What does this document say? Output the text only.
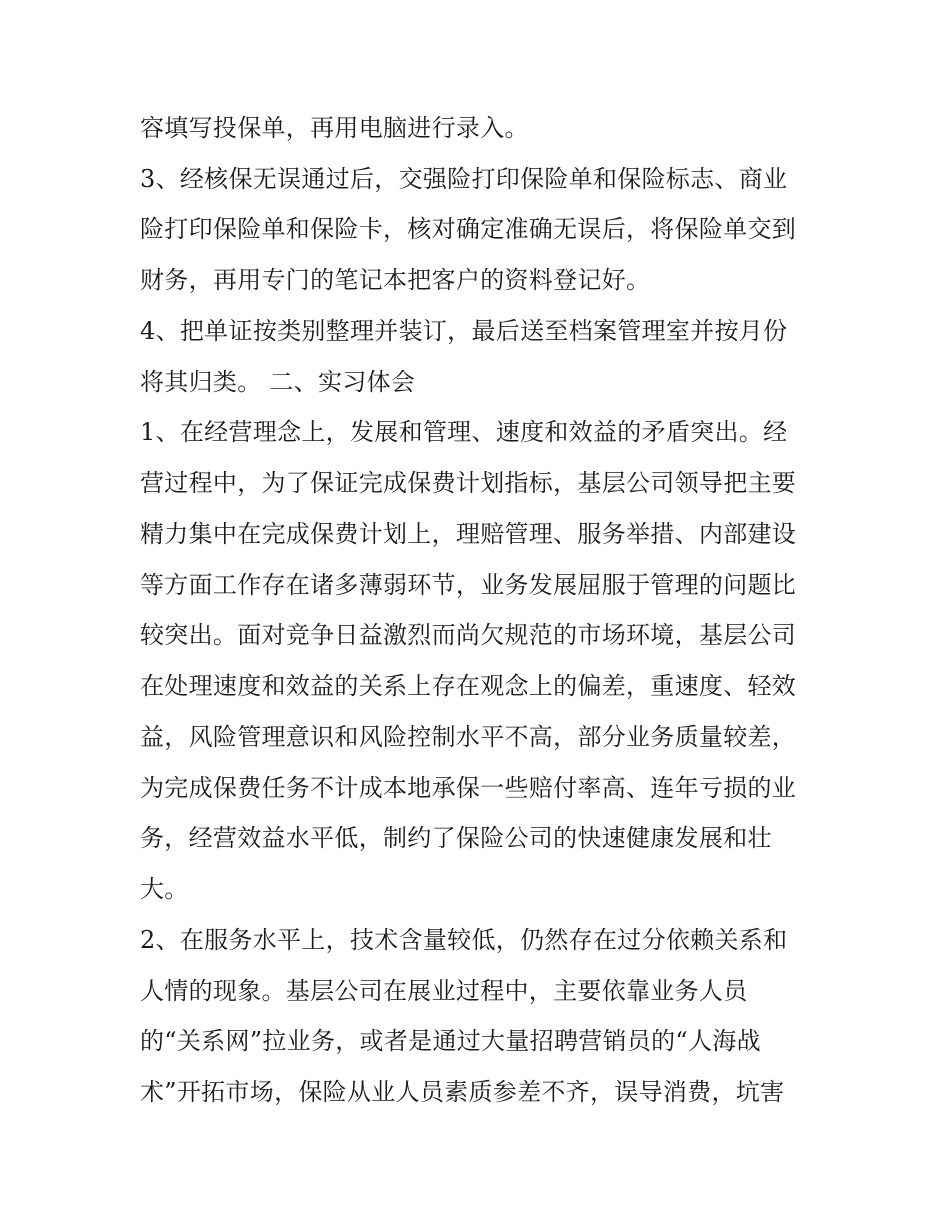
容填写投保单，再用电脑进行录入。
3、经核保无误通过后，交强险打印保险单和保险标志、商业
险打印保险单和保险卡，核对确定准确无误后，将保险单交到
财务，再用专门的笔记本把客户的资料登记好。
4、把单证按类别整理并装订，最后送至档案管理室并按月份
将其归类。 二、实习体会
1、在经营理念上，发展和管理、速度和效益的矛盾突出。经
营过程中，为了保证完成保费计划指标，基层公司领导把主要
精力集中在完成保费计划上，理赔管理、服务举措、内部建设
等方面工作存在诸多薄弱环节，业务发展屈服于管理的问题比
较突出。面对竞争日益激烈而尚欠规范的市场环境，基层公司
在处理速度和效益的关系上存在观念上的偏差，重速度、轻效
益，风险管理意识和风险控制水平不高，部分业务质量较差，
为完成保费任务不计成本地承保一些赔付率高、连年亏损的业
务，经营效益水平低，制约了保险公司的快速健康发展和壮
大。
2、在服务水平上，技术含量较低，仍然存在过分依赖关系和
人情的现象。基层公司在展业过程中，主要依靠业务人员
的“关系网”拉业务，或者是通过大量招聘营销员的“人海战
术”开拓市场，保险从业人员素质参差不齐，误导消费，坑害
